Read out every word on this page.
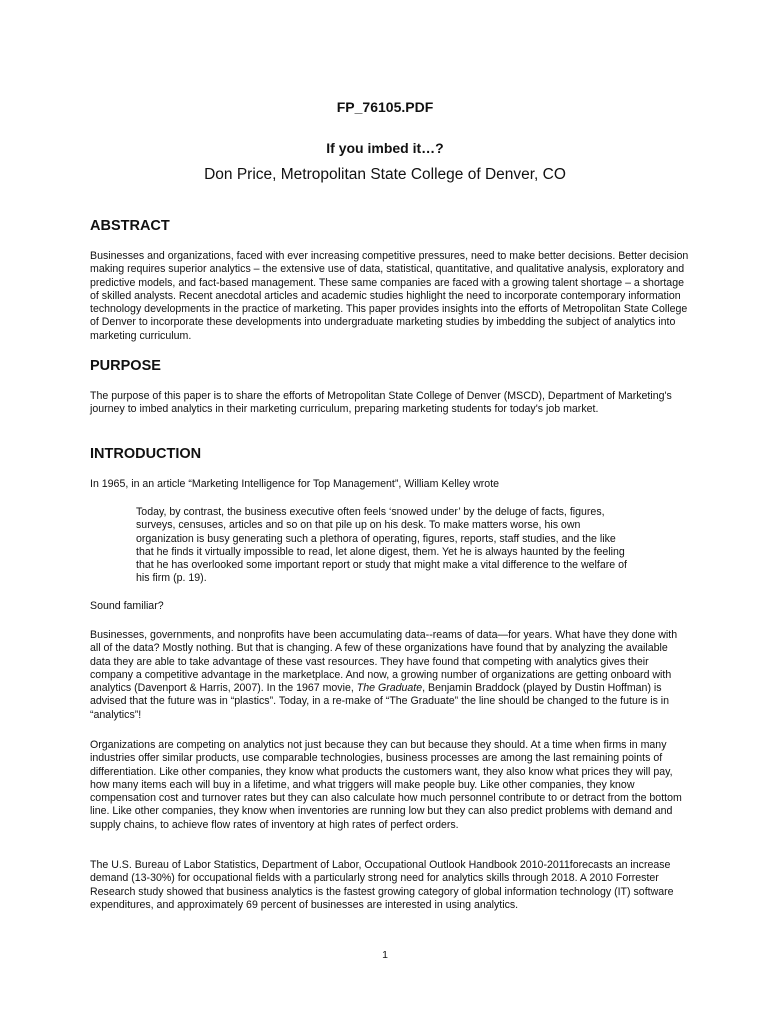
FP_76105.PDF
If you imbed it…?
Don Price, Metropolitan State College of Denver, CO
ABSTRACT

Businesses and organizations, faced with ever increasing competitive pressures, need to make better decisions. Better decision making requires superior analytics – the extensive use of data, statistical, quantitative, and qualitative analysis, exploratory and predictive models, and fact-based management. These same companies are faced with a growing talent shortage – a shortage of skilled analysts. Recent anecdotal articles and academic studies highlight the need to incorporate contemporary information technology developments in the practice of marketing. This paper provides insights into the efforts of Metropolitan State College of Denver to incorporate these developments into undergraduate marketing studies by imbedding the subject of analytics into marketing curriculum.

PURPOSE

The purpose of this paper is to share the efforts of Metropolitan State College of Denver (MSCD), Department of Marketing's journey to imbed analytics in their marketing curriculum, preparing marketing students for today's job market.

INTRODUCTION

In 1965, in an article “Marketing Intelligence for Top Management”, William Kelley wrote

Today, by contrast, the business executive often feels ‘snowed under’ by the deluge of facts, figures, surveys, censuses, articles and so on that pile up on his desk. To make matters worse, his own organization is busy generating such a plethora of operating, figures, reports, staff studies, and the like that he finds it virtually impossible to read, let alone digest, them. Yet he is always haunted by the feeling that he has overlooked some important report or study that might make a vital difference to the welfare of his firm (p. 19).

Sound familiar?

Businesses, governments, and nonprofits have been accumulating data--reams of data—for years. What have they done with all of the data? Mostly nothing. But that is changing. A few of these organizations have found that by analyzing the available data they are able to take advantage of these vast resources. They have found that competing with analytics gives their company a competitive advantage in the marketplace. And now, a growing number of organizations are getting onboard with analytics (Davenport & Harris, 2007). In the 1967 movie, The Graduate, Benjamin Braddock (played by Dustin Hoffman) is advised that the future was in “plastics”. Today, in a re-make of “The Graduate” the line should be changed to the future is in “analytics”!

Organizations are competing on analytics not just because they can but because they should. At a time when firms in many industries offer similar products, use comparable technologies, business processes are among the last remaining points of differentiation. Like other companies, they know what products the customers want, they also know what prices they will pay, how many items each will buy in a lifetime, and what triggers will make people buy. Like other companies, they know compensation cost and turnover rates but they can also calculate how much personnel contribute to or detract from the bottom line. Like other companies, they know when inventories are running low but they can also predict problems with demand and supply chains, to achieve flow rates of inventory at high rates of perfect orders.

The U.S. Bureau of Labor Statistics, Department of Labor, Occupational Outlook Handbook 2010-2011forecasts an increase demand (13-30%) for occupational fields with a particularly strong need for analytics skills through 2018. A 2010 Forrester Research study showed that business analytics is the fastest growing category of global information technology (IT) software expenditures, and approximately 69 percent of businesses are interested in using analytics.

1
